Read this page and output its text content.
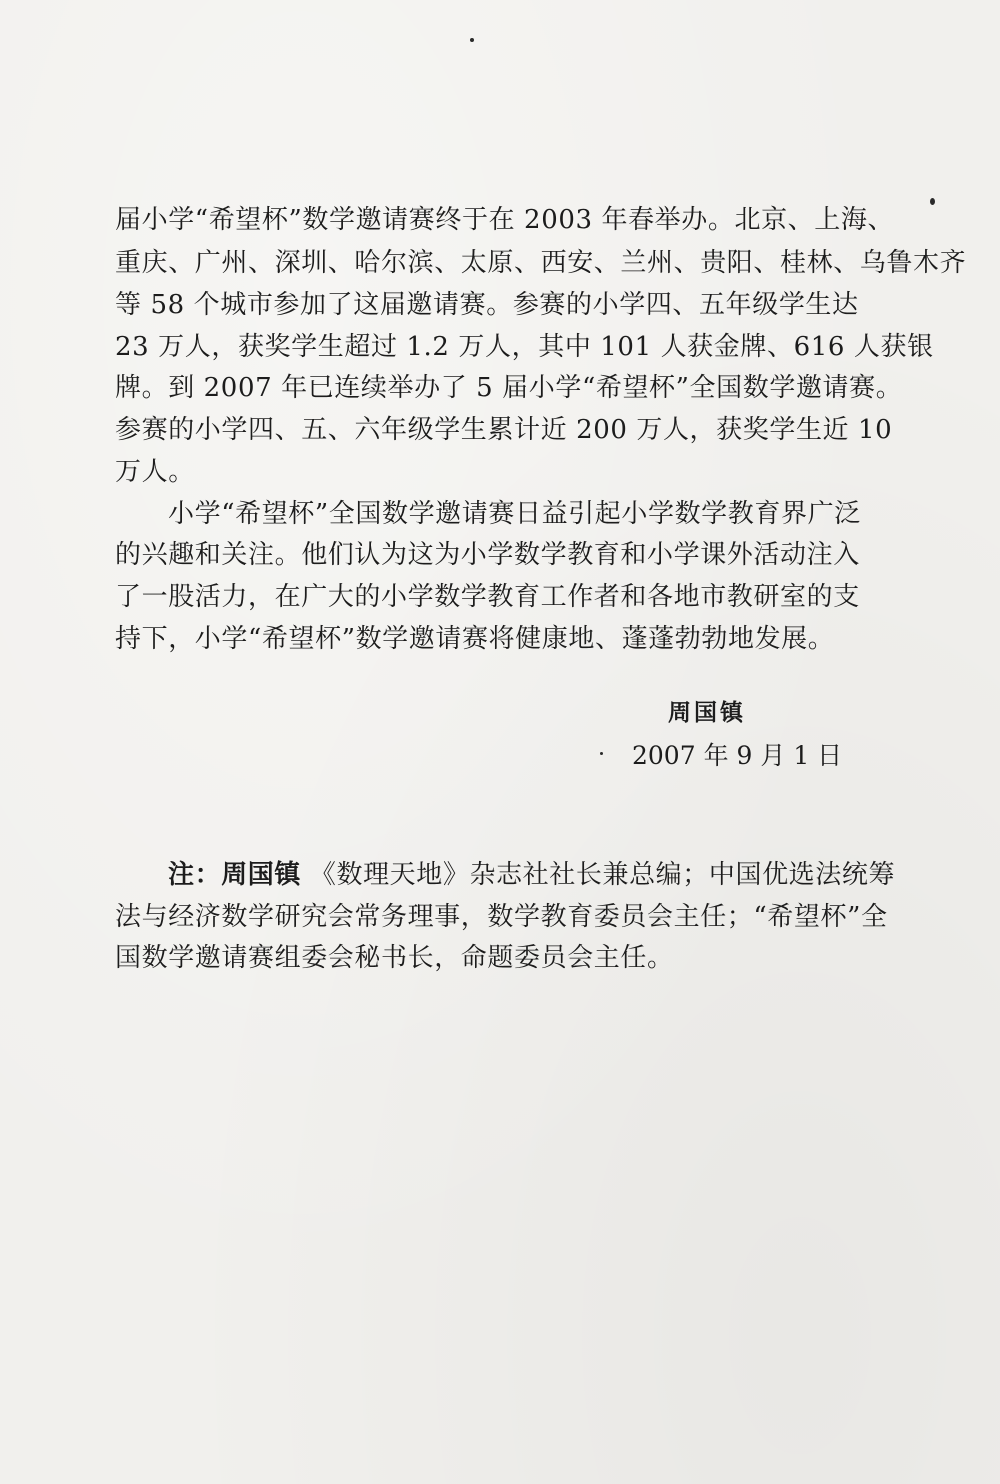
届小学“希望杯”数学邀请赛终于在 2003 年春举办。北京、上海、
重庆、广州、深圳、哈尔滨、太原、西安、兰州、贵阳、桂林、乌鲁木齐
等 58 个城市参加了这届邀请赛。参赛的小学四、五年级学生达
23 万人，获奖学生超过 1.2 万人，其中 101 人获金牌、616 人获银
牌。到 2007 年已连续举办了 5 届小学“希望杯”全国数学邀请赛。
参赛的小学四、五、六年级学生累计近 200 万人，获奖学生近 10
万人。
小学“希望杯”全国数学邀请赛日益引起小学数学教育界广泛
的兴趣和关注。他们认为这为小学数学教育和小学课外活动注入
了一股活力，在广大的小学数学教育工作者和各地市教研室的支
持下，小学“希望杯”数学邀请赛将健康地、蓬蓬勃勃地发展。
周国镇
2007 年 9 月 1 日
注：周国镇 《数理天地》杂志社社长兼总编；中国优选法统筹
法与经济数学研究会常务理事，数学教育委员会主任；“希望杯”全
国数学邀请赛组委会秘书长，命题委员会主任。
